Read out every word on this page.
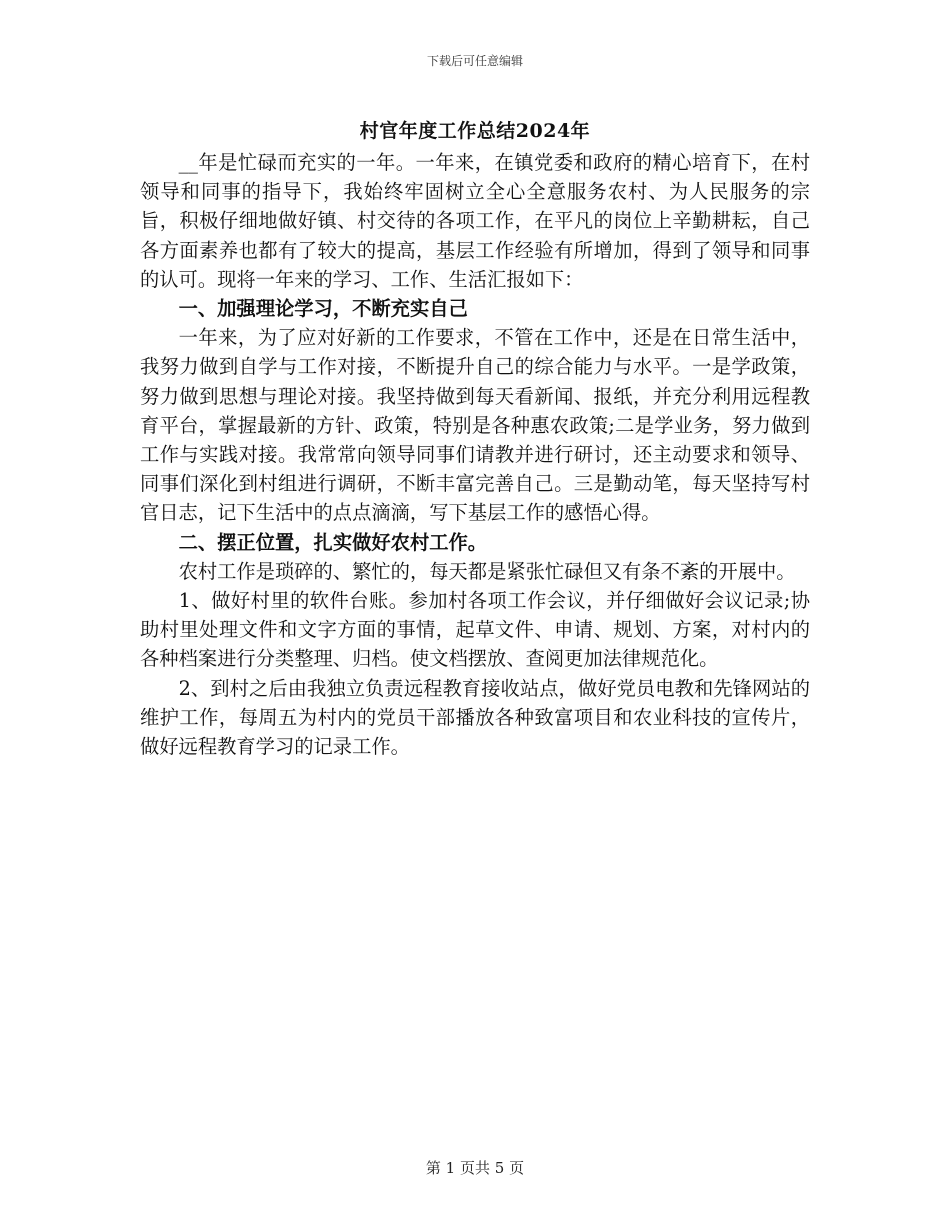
下载后可任意编辑
村官年度工作总结2024年

__年是忙碌而充实的一年。一年来，在镇党委和政府的精心培育下，在村领导和同事的指导下，我始终牢固树立全心全意服务农村、为人民服务的宗旨，积极仔细地做好镇、村交待的各项工作，在平凡的岗位上辛勤耕耘，自己各方面素养也都有了较大的提高，基层工作经验有所增加，得到了领导和同事的认可。现将一年来的学习、工作、生活汇报如下：

一、加强理论学习，不断充实自己

一年来，为了应对好新的工作要求，不管在工作中，还是在日常生活中，我努力做到自学与工作对接，不断提升自己的综合能力与水平。一是学政策，努力做到思想与理论对接。我坚持做到每天看新闻、报纸，并充分利用远程教育平台，掌握最新的方针、政策，特别是各种惠农政策;二是学业务，努力做到工作与实践对接。我常常向领导同事们请教并进行研讨，还主动要求和领导、同事们深化到村组进行调研，不断丰富完善自己。三是勤动笔，每天坚持写村官日志，记下生活中的点点滴滴，写下基层工作的感悟心得。

二、摆正位置，扎实做好农村工作。

农村工作是琐碎的、繁忙的，每天都是紧张忙碌但又有条不紊的开展中。

1、做好村里的软件台账。参加村各项工作会议，并仔细做好会议记录;协助村里处理文件和文字方面的事情，起草文件、申请、规划、方案，对村内的各种档案进行分类整理、归档。使文档摆放、查阅更加法律规范化。

2、到村之后由我独立负责远程教育接收站点，做好党员电教和先锋网站的维护工作，每周五为村内的党员干部播放各种致富项目和农业科技的宣传片，做好远程教育学习的记录工作。

第 1 页共 5 页
